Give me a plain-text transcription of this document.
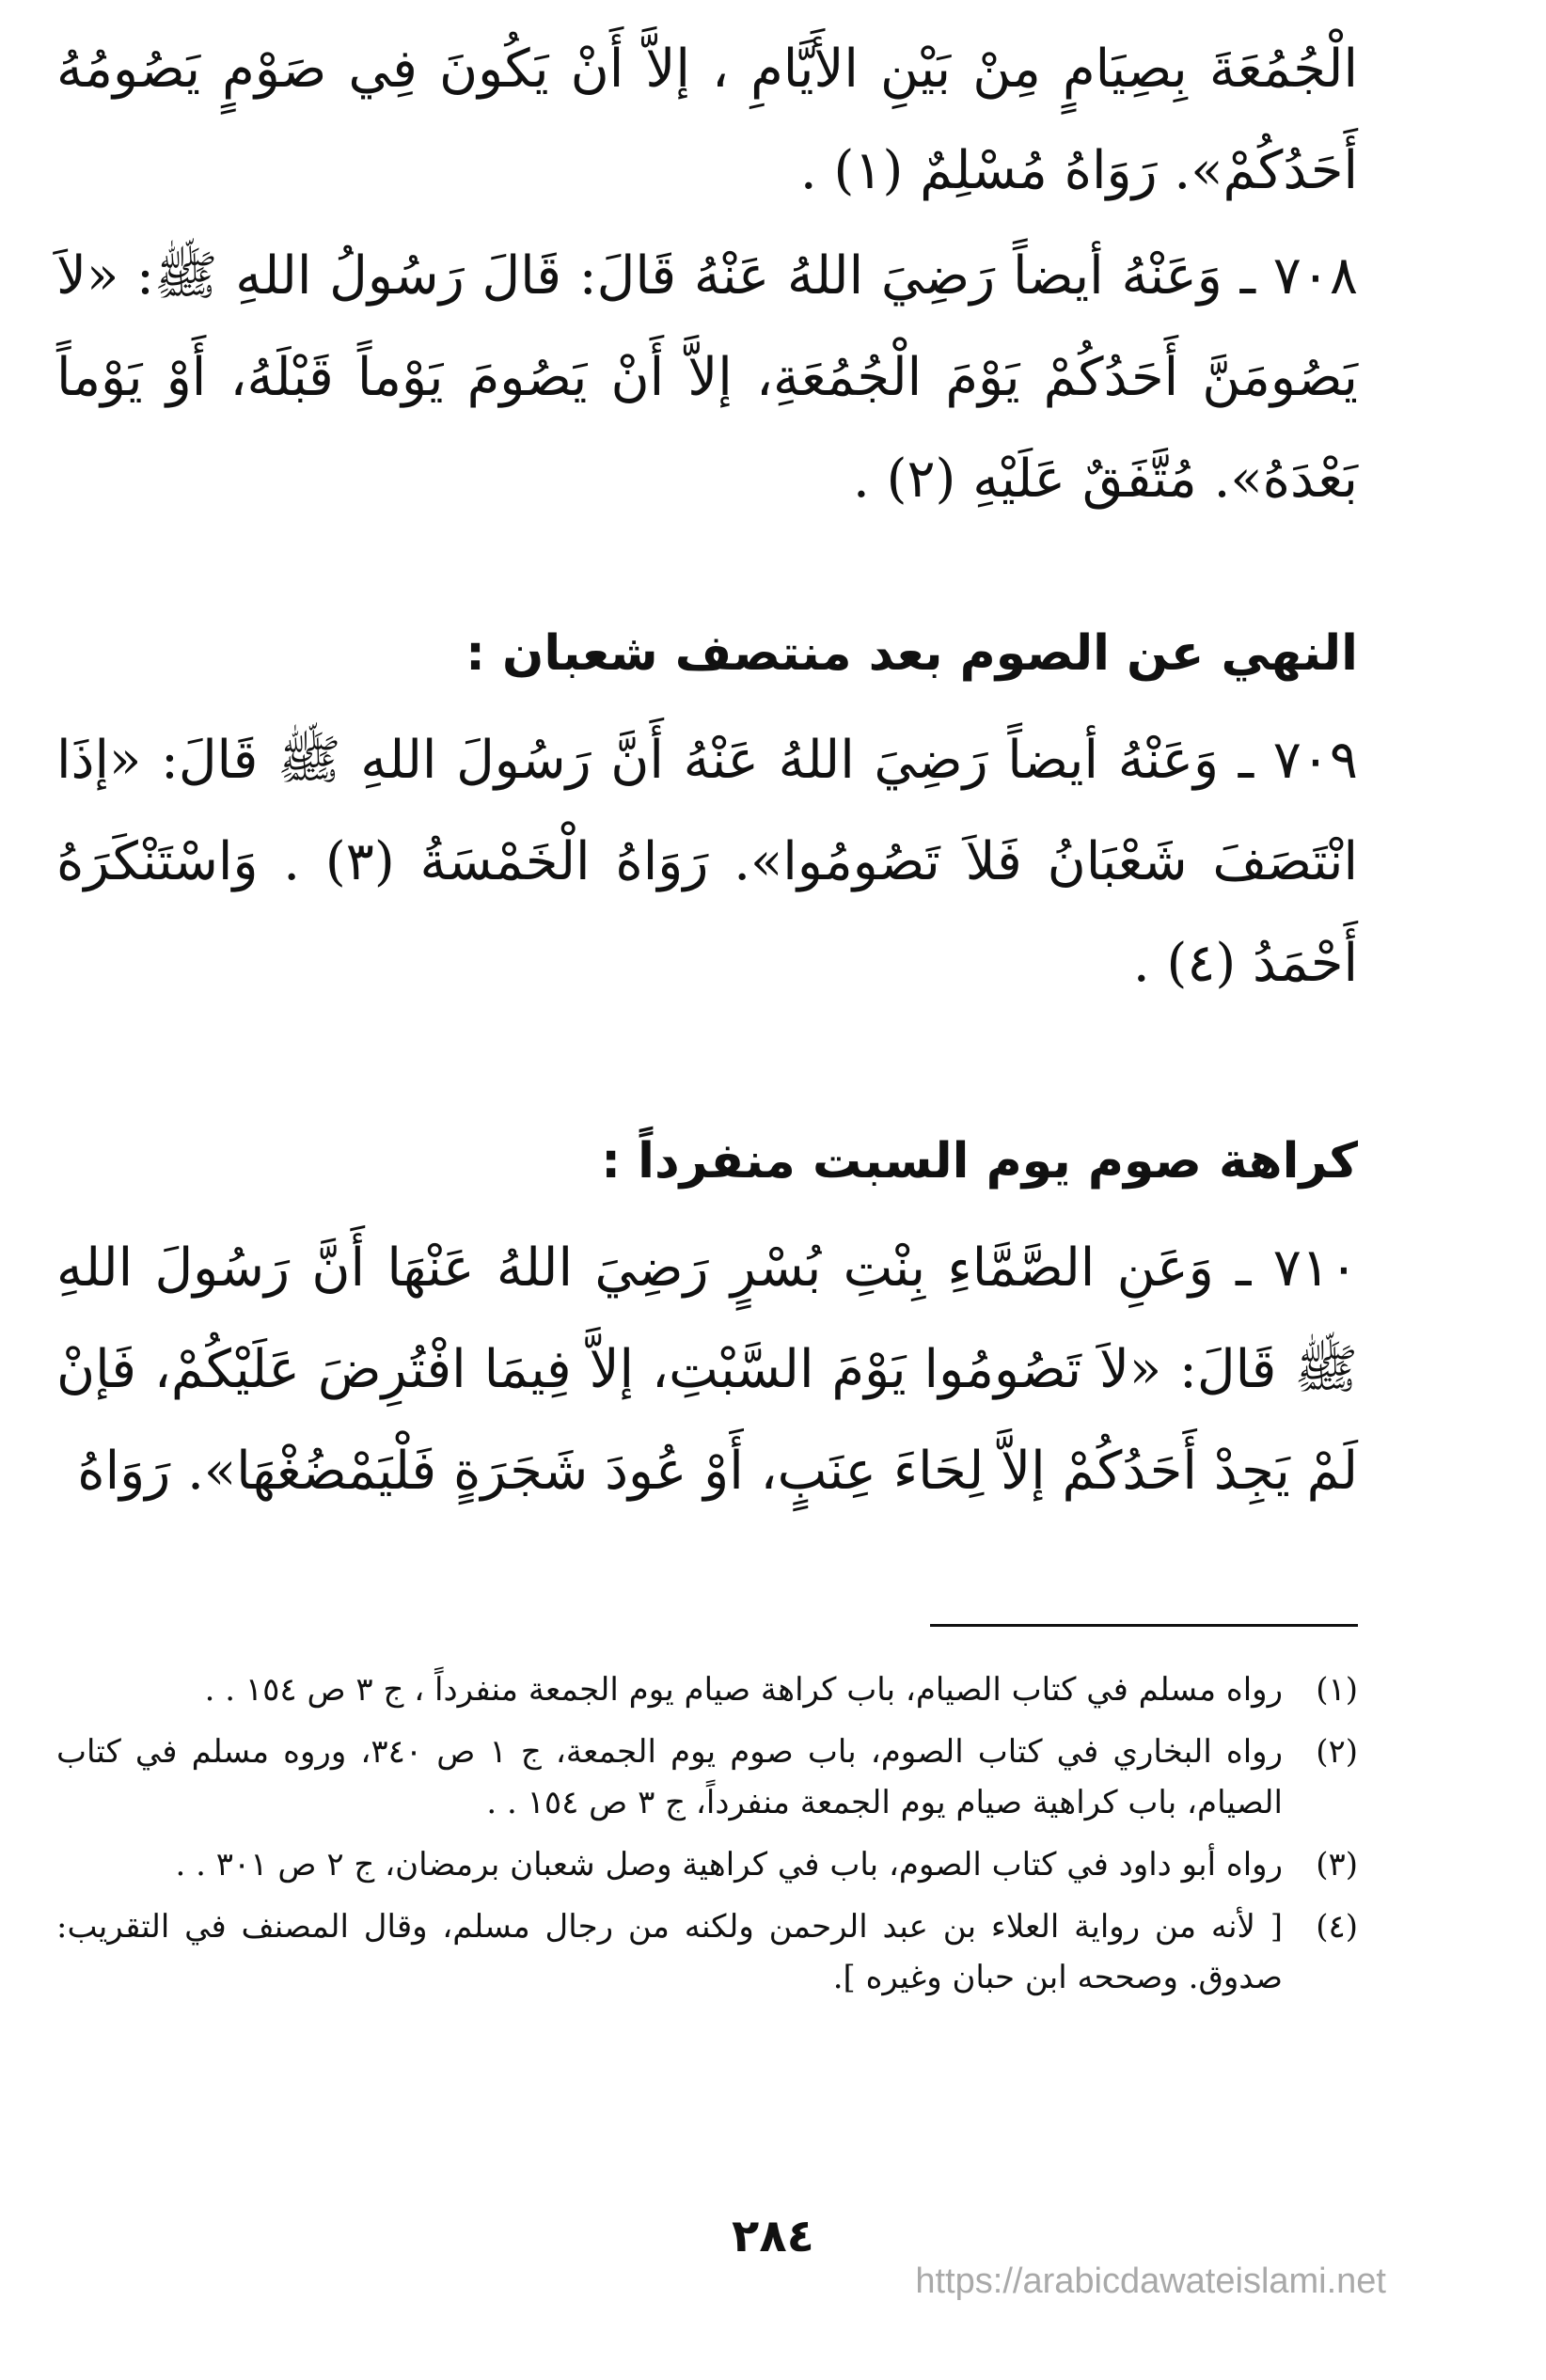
الْجُمُعَةَ بِصِيَامٍ مِنْ بَيْنِ الأَيَّامِ ، إلاَّ أَنْ يَكُونَ فِي صَوْمٍ يَصُومُهُ أَحَدُكُمْ». رَوَاهُ مُسْلِمٌ (١) .
٧٠٨ ـ وَعَنْهُ أيضاً رَضِيَ اللهُ عَنْهُ قَالَ: قَالَ رَسُولُ اللهِ ﷺ: «لاَ يَصُومَنَّ أَحَدُكُمْ يَوْمَ الْجُمُعَةِ، إلاَّ أَنْ يَصُومَ يَوْماً قَبْلَهُ، أَوْ يَوْماً بَعْدَهُ». مُتَّفَقٌ عَلَيْهِ (٢) .
النهي عن الصوم بعد منتصف شعبان :
٧٠٩ ـ وَعَنْهُ أيضاً رَضِيَ اللهُ عَنْهُ أَنَّ رَسُولَ اللهِ ﷺ قَالَ: «إذَا انْتَصَفَ شَعْبَانُ فَلاَ تَصُومُوا». رَوَاهُ الْخَمْسَةُ (٣) . وَاسْتَنْكَرَهُ أَحْمَدُ (٤) .
كراهة صوم يوم السبت منفرداً :
٧١٠ ـ وَعَنِ الصَّمَّاءِ بِنْتِ بُسْرٍ رَضِيَ اللهُ عَنْهَا أَنَّ رَسُولَ اللهِ ﷺ قَالَ: «لاَ تَصُومُوا يَوْمَ السَّبْتِ، إلاَّ فِيمَا افْتُرِضَ عَلَيْكُمْ، فَإنْ لَمْ يَجِدْ أَحَدُكُمْ إلاَّ لِحَاءَ عِنَبٍ، أَوْ عُودَ شَجَرَةٍ فَلْيَمْضُغْهَا». رَوَاهُ
(١)
رواه مسلم في كتاب الصيام، باب كراهة صيام يوم الجمعة منفرداً ، ج ٣ ص ١٥٤ . .
(٢)
رواه البخاري في كتاب الصوم، باب صوم يوم الجمعة، ج ١ ص ٣٤٠، وروه مسلم في كتاب الصيام، باب كراهية صيام يوم الجمعة منفرداً، ج ٣ ص ١٥٤ . .
(٣)
رواه أبو داود في كتاب الصوم، باب في كراهية وصل شعبان برمضان، ج ٢ ص ٣٠١ . .
(٤)
[ لأنه من رواية العلاء بن عبد الرحمن ولكنه من رجال مسلم، وقال المصنف في التقريب: صدوق. وصححه ابن حبان وغيره ].
٢٨٤
https://arabicdawateislami.net
